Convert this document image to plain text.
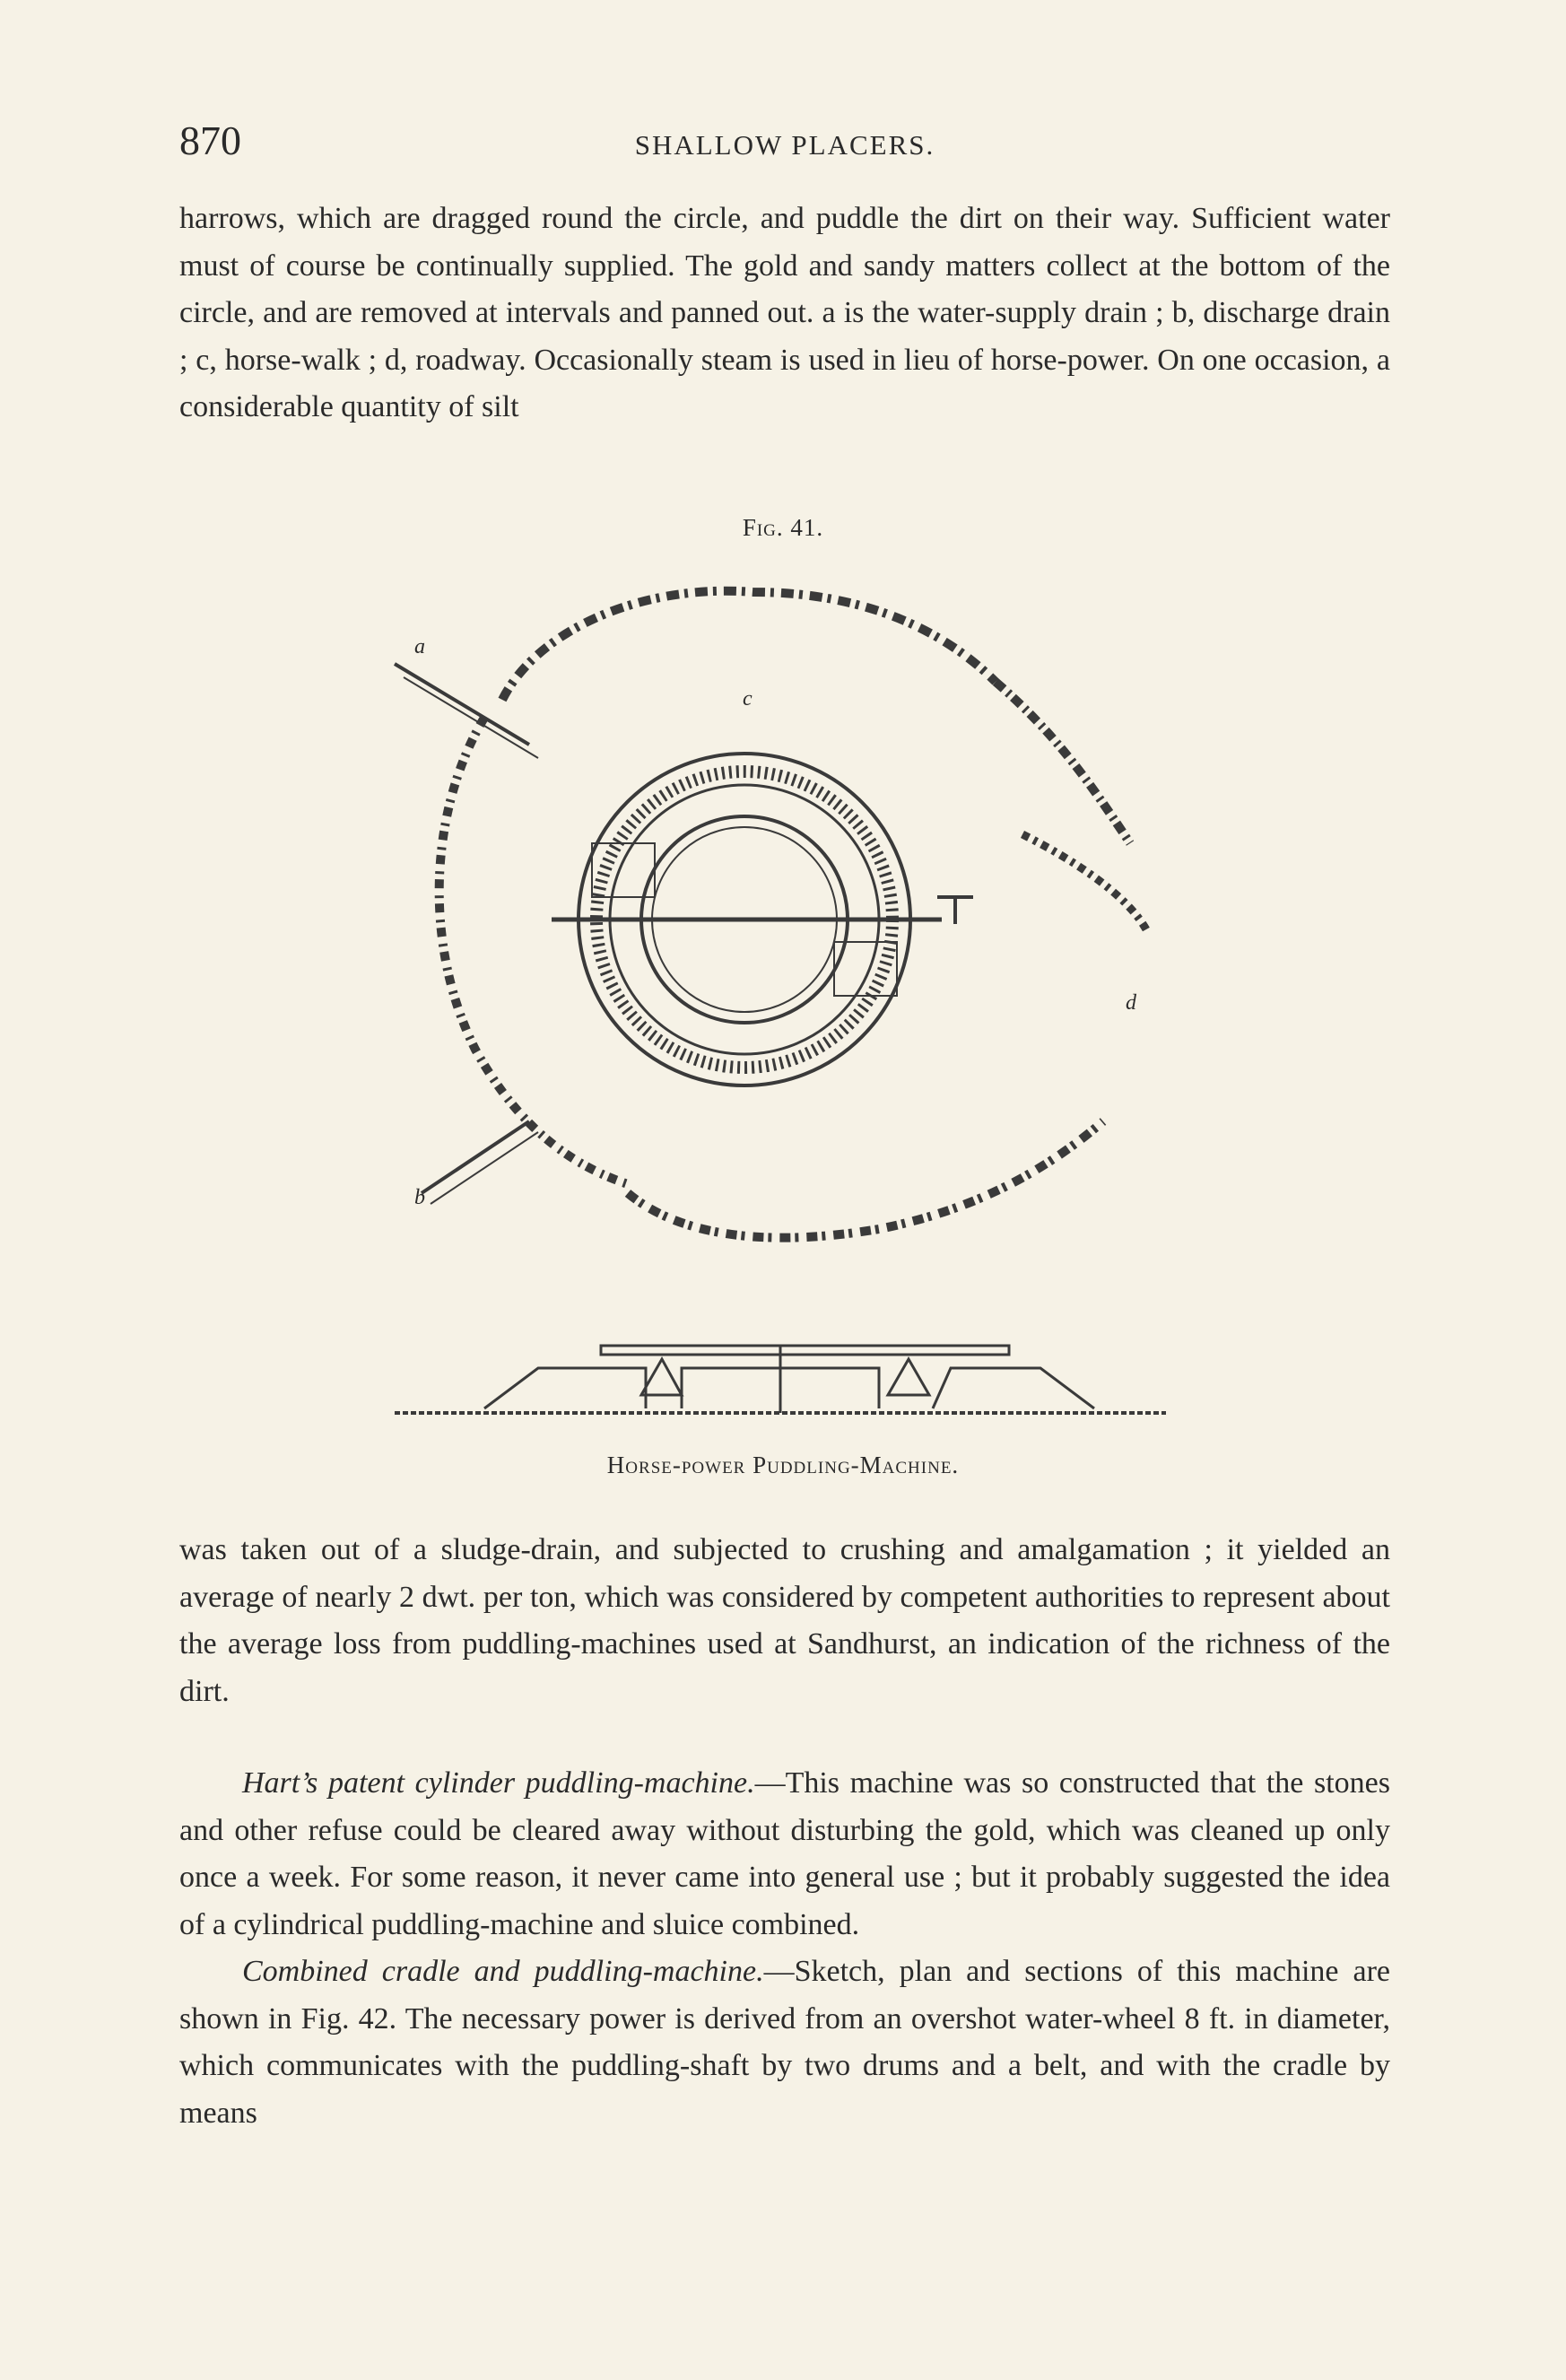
870	SHALLOW PLACERS.

harrows, which are dragged round the circle, and puddle the dirt on their way. Sufficient water must of course be continually supplied. The gold and sandy matters collect at the bottom of the circle, and are removed at intervals and panned out. a is the water-supply drain ; b, discharge drain ; c, horse-walk ; d, roadway. Occasionally steam is used in lieu of horse-power. On one occasion, a considerable quantity of silt

Fig. 41.
a
b
c
d
Horse-power Puddling-Machine.

was taken out of a sludge-drain, and subjected to crushing and amalgamation ; it yielded an average of nearly 2 dwt. per ton, which was considered by competent authorities to represent about the average loss from puddling-machines used at Sandhurst, an indication of the richness of the dirt.

Hart’s patent cylinder puddling-machine.—This machine was so constructed that the stones and other refuse could be cleared away without disturbing the gold, which was cleaned up only once a week. For some reason, it never came into general use ; but it probably suggested the idea of a cylindrical puddling-machine and sluice combined.

Combined cradle and puddling-machine.—Sketch, plan and sections of this machine are shown in Fig. 42. The necessary power is derived from an overshot water-wheel 8 ft. in diameter, which communicates with the puddling-shaft by two drums and a belt, and with the cradle by means
